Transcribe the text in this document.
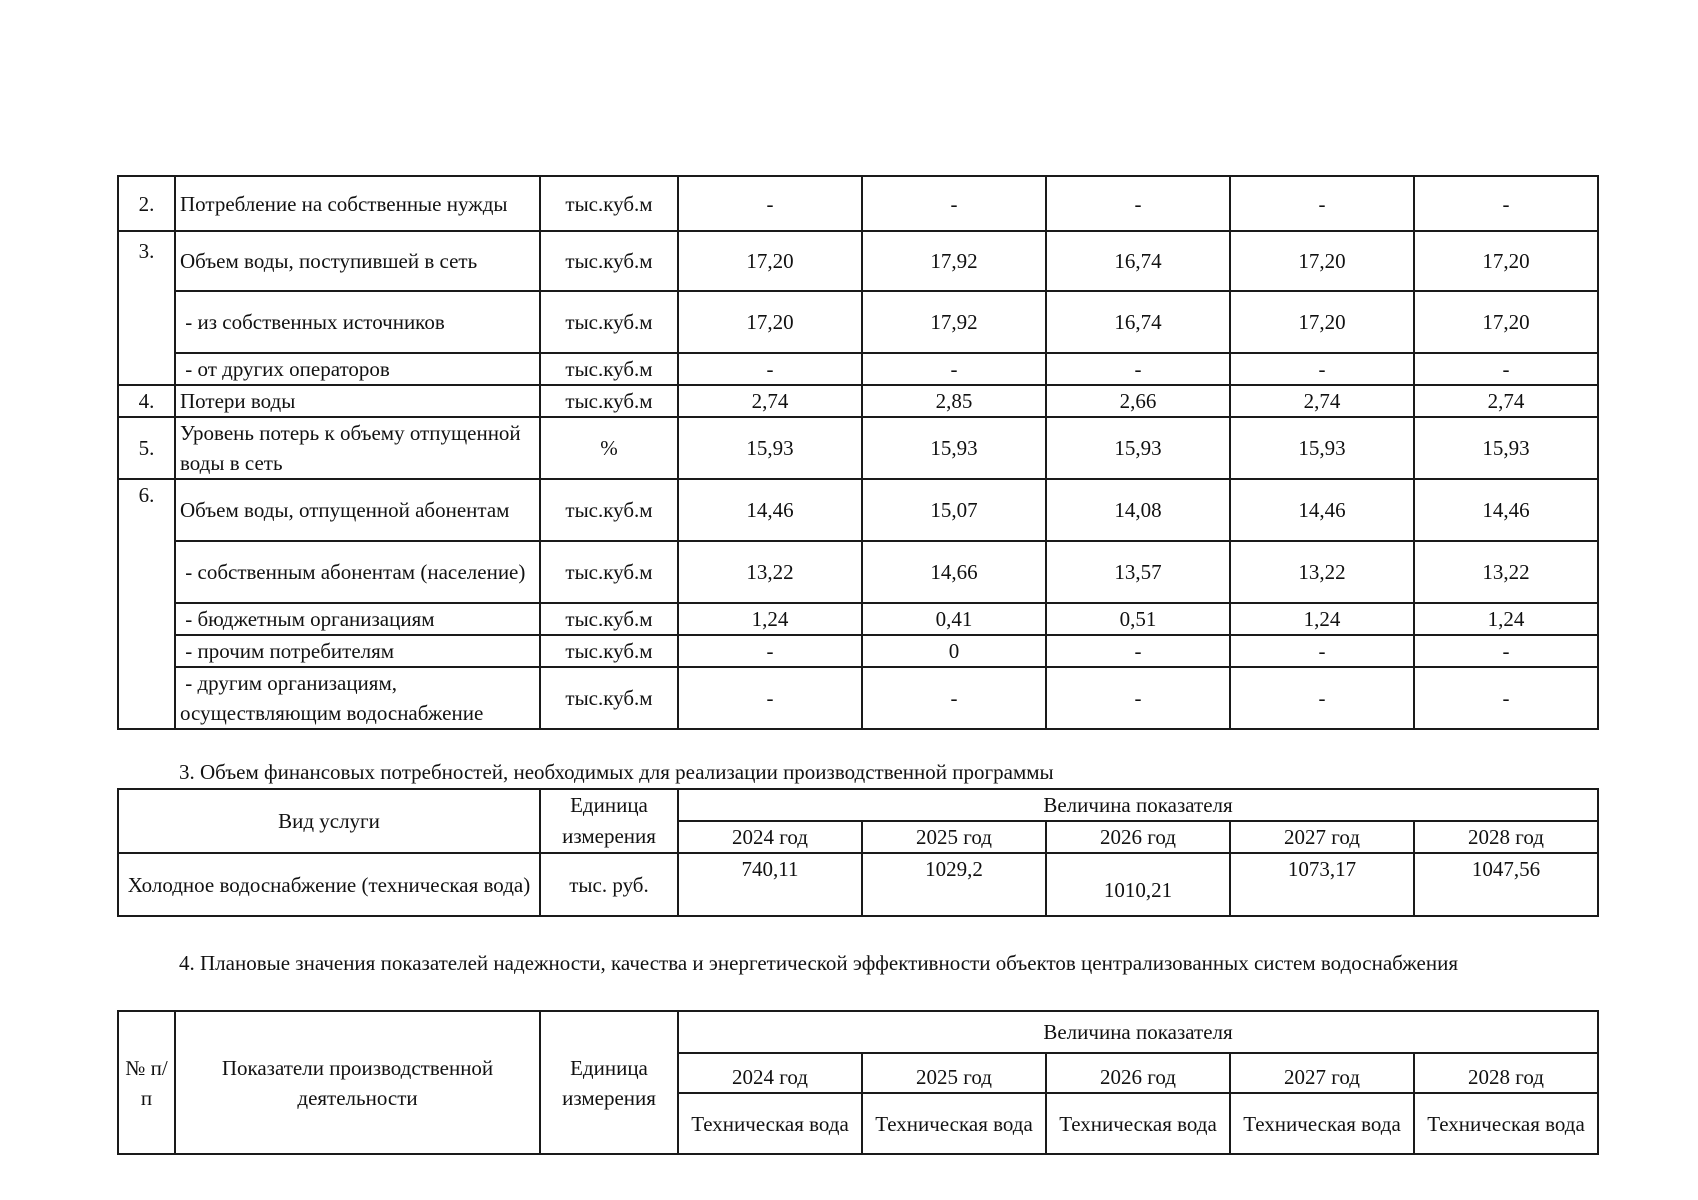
2.	Потребление на собственные нужды	тыс.куб.м	-	-	-	-	-
3.	Объем воды, поступившей в сеть	тыс.куб.м	17,20	17,92	16,74	17,20	17,20
	- из собственных источников	тыс.куб.м	17,20	17,92	16,74	17,20	17,20
	- от других операторов	тыс.куб.м	-	-	-	-	-
4.	Потери воды	тыс.куб.м	2,74	2,85	2,66	2,74	2,74
5.	Уровень потерь к объему отпущенной воды в сеть	%	15,93	15,93	15,93	15,93	15,93
6.	Объем воды, отпущенной абонентам	тыс.куб.м	14,46	15,07	14,08	14,46	14,46
	- собственным абонентам (население)	тыс.куб.м	13,22	14,66	13,57	13,22	13,22
	- бюджетным организациям	тыс.куб.м	1,24	0,41	0,51	1,24	1,24
	- прочим потребителям	тыс.куб.м	-	0	-	-	-
	- другим организациям, осуществляющим водоснабжение	тыс.куб.м	-	-	-	-	-
3. Объем финансовых потребностей, необходимых для реализации производственной программы
Вид услуги	Единица измерения	Величина показателя				
		2024 год	2025 год	2026 год	2027 год	2028 год
Холодное водоснабжение (техническая вода)	тыс. руб.	740,11	1029,2	1010,21	1073,17	1047,56
4. Плановые значения показателей надежности, качества и энергетической эффективности объектов централизованных систем водоснабжения
№ п/п	Показатели производственной деятельности	Единица измерения	Величина показателя				
			2024 год	2025 год	2026 год	2027 год	2028 год
			Техническая вода	Техническая вода	Техническая вода	Техническая вода	Техническая вода
